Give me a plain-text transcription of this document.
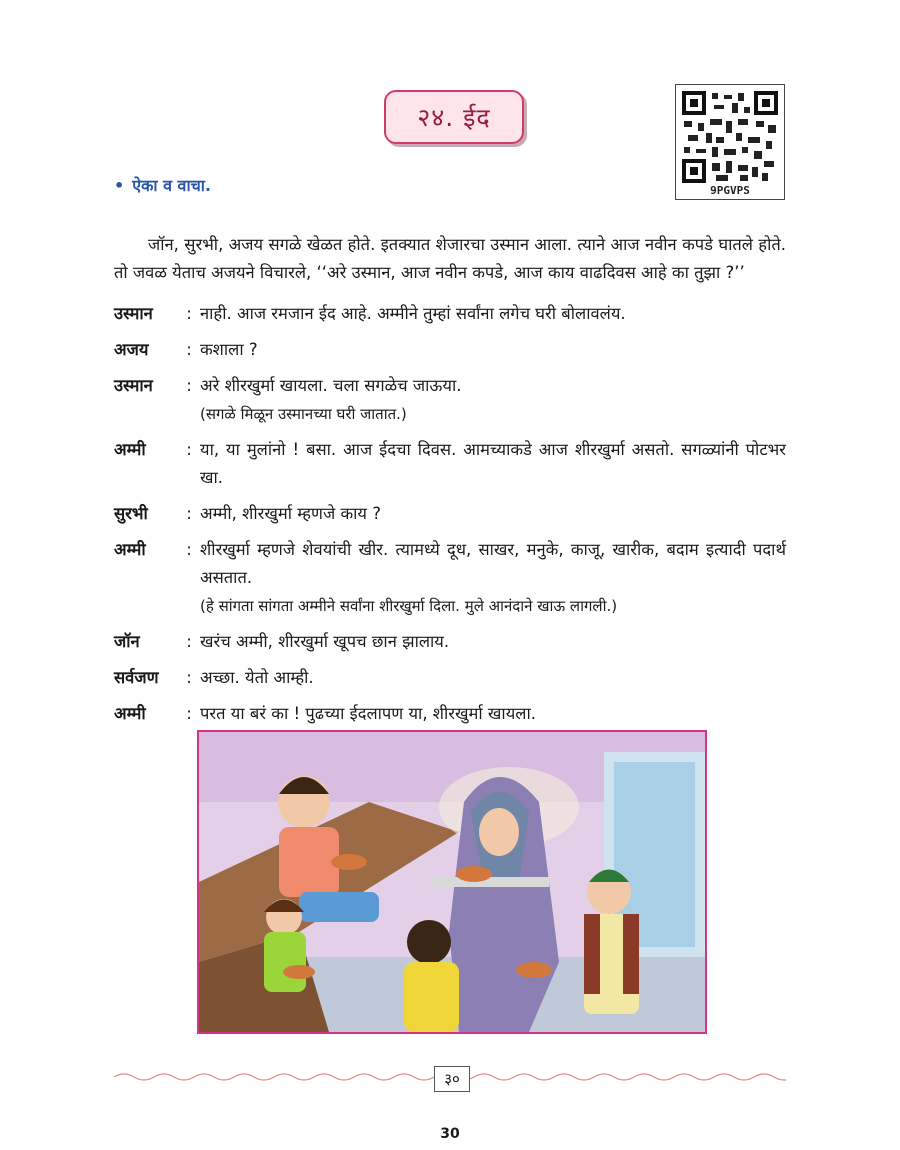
२४. ईद
9PGVPS
• ऐका व वाचा.

जॉन, सुरभी, अजय सगळे खेळत होते. इतक्यात शेजारचा उस्मान आला. त्याने आज नवीन कपडे घातले होते. तो जवळ येताच अजयने विचारले, ‘‘अरे उस्मान, आज नवीन कपडे, आज काय वाढदिवस आहे का तुझा ?’’

उस्मान	: नाही. आज रमजान ईद आहे. अम्मीने तुम्हां सर्वांना लगेच घरी बोलावलंय.
अजय	: कशाला ?
उस्मान	: अरे शीरखुर्मा खायला. चला सगळेच जाऊया.
(सगळे मिळून उस्मानच्या घरी जातात.)
अम्मी	: या, या मुलांनो ! बसा. आज ईदचा दिवस. आमच्याकडे आज शीरखुर्मा असतो. सगळ्यांनी पोटभर खा.
सुरभी	: अम्मी, शीरखुर्मा म्हणजे काय ?
अम्मी	: शीरखुर्मा म्हणजे शेवयांची खीर. त्यामध्ये दूध, साखर, मनुके, काजू, खारीक, बदाम इत्यादी पदार्थ असतात.
(हे सांगता सांगता अम्मीने सर्वांना शीरखुर्मा दिला. मुले आनंदाने खाऊ लागली.)
जॉन	: खरंच अम्मी, शीरखुर्मा खूपच छान झालाय.
सर्वजण	: अच्छा. येतो आम्ही.
अम्मी	: परत या बरं का ! पुढच्या ईदलापण या, शीरखुर्मा खायला.
३०
30
